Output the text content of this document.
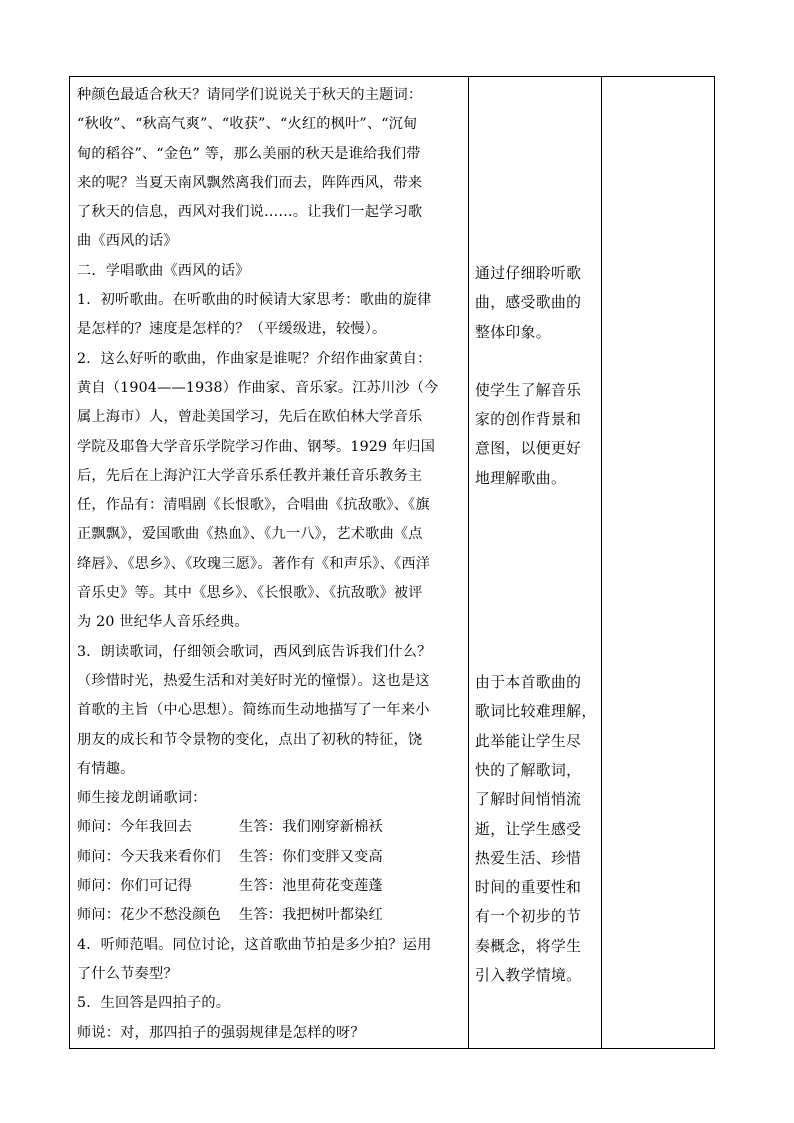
种颜色最适合秋天？请同学们说说关于秋天的主题词：
“秋收”、“秋高气爽”、“收获”、“火红的枫叶”、“沉甸
甸的稻谷”、“金色” 等，那么美丽的秋天是谁给我们带
来的呢？当夏天南风飘然离我们而去，阵阵西风，带来
了秋天的信息，西风对我们说……。让我们一起学习歌
曲《西风的话》
二．学唱歌曲《西风的话》
1．初听歌曲。在听歌曲的时候请大家思考：歌曲的旋律
是怎样的？速度是怎样的？（平缓级进，较慢）。
2．这么好听的歌曲，作曲家是谁呢？介绍作曲家黄自：
黄自（1904——1938）作曲家、音乐家。江苏川沙（今
属上海市）人，曾赴美国学习，先后在欧伯林大学音乐
学院及耶鲁大学音乐学院学习作曲、钢琴。1929 年归国
后，先后在上海沪江大学音乐系任教并兼任音乐教务主
任，作品有：清唱剧《长恨歌》，合唱曲《抗敌歌》、《旗
正飘飘》，爱国歌曲《热血》、《九一八》，艺术歌曲《点
绛唇》、《思乡》、《玫瑰三愿》。著作有《和声乐》、《西洋
音乐史》等。其中《思乡》、《长恨歌》、《抗敌歌》被评
为 20 世纪华人音乐经典。
3．朗读歌词，仔细领会歌词，西风到底告诉我们什么？
（珍惜时光，热爱生活和对美好时光的憧憬）。这也是这
首歌的主旨（中心思想）。简练而生动地描写了一年来小
朋友的成长和节令景物的变化，点出了初秋的特征，饶
有情趣。
师生接龙朗诵歌词：
师问：今年我回去	生答：我们刚穿新棉袄
师问：今天我来看你们	生答：你们变胖又变高
师问：你们可记得	生答：池里荷花变莲蓬
师问：花少不愁没颜色	生答：我把树叶都染红
4．听师范唱。同位讨论，这首歌曲节拍是多少拍？运用
了什么节奏型？
5．生回答是四拍子的。
师说：对，那四拍子的强弱规律是怎样的呀？

通过仔细聆听歌
曲，感受歌曲的
整体印象。
使学生了解音乐
家的创作背景和
意图，以便更好
地理解歌曲。
由于本首歌曲的
歌词比较难理解，
此举能让学生尽
快的了解歌词，
了解时间悄悄流
逝，让学生感受
热爱生活、珍惜
时间的重要性和
有一个初步的节
奏概念，将学生
引入教学情境。
